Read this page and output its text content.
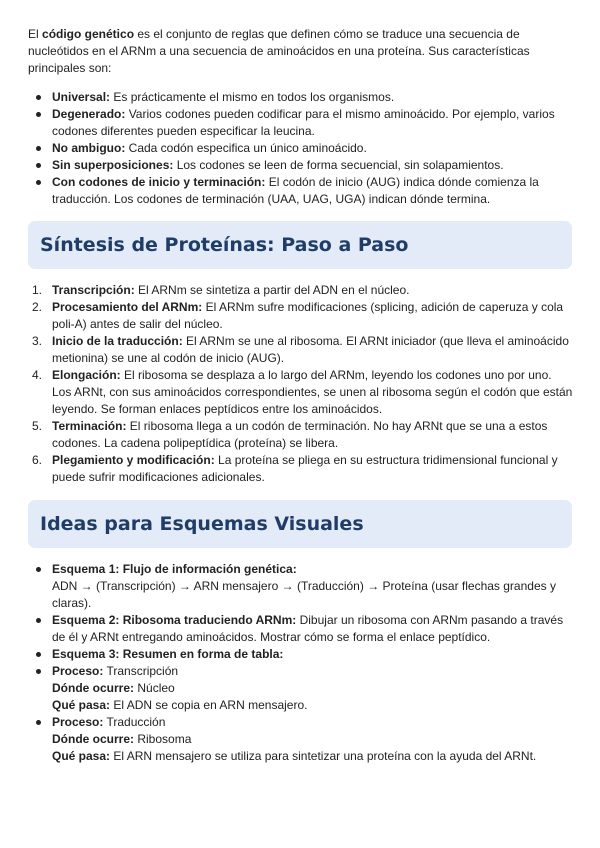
El código genético es el conjunto de reglas que definen cómo se traduce una secuencia de nucleótidos en el ARNm a una secuencia de aminoácidos en una proteína. Sus características principales son:

Universal: Es prácticamente el mismo en todos los organismos.
Degenerado: Varios codones pueden codificar para el mismo aminoácido. Por ejemplo, varios codones diferentes pueden especificar la leucina.
No ambiguo: Cada codón especifica un único aminoácido.
Sin superposiciones: Los codones se leen de forma secuencial, sin solapamientos.
Con codones de inicio y terminación: El codón de inicio (AUG) indica dónde comienza la traducción. Los codones de terminación (UAA, UAG, UGA) indican dónde termina.
Síntesis de Proteínas: Paso a Paso
1. Transcripción: El ARNm se sintetiza a partir del ADN en el núcleo.
2. Procesamiento del ARNm: El ARNm sufre modificaciones (splicing, adición de caperuza y cola poli-A) antes de salir del núcleo.
3. Inicio de la traducción: El ARNm se une al ribosoma. El ARNt iniciador (que lleva el aminoácido metionina) se une al codón de inicio (AUG).
4. Elongación: El ribosoma se desplaza a lo largo del ARNm, leyendo los codones uno por uno. Los ARNt, con sus aminoácidos correspondientes, se unen al ribosoma según el codón que están leyendo. Se forman enlaces peptídicos entre los aminoácidos.
5. Terminación: El ribosoma llega a un codón de terminación. No hay ARNt que se una a estos codones. La cadena polipeptídica (proteína) se libera.
6. Plegamiento y modificación: La proteína se pliega en su estructura tridimensional funcional y puede sufrir modificaciones adicionales.
Ideas para Esquemas Visuales
Esquema 1: Flujo de información genética:
ADN → (Transcripción) → ARN mensajero → (Traducción) → Proteína (usar flechas grandes y claras).
Esquema 2: Ribosoma traduciendo ARNm: Dibujar un ribosoma con ARNm pasando a través de él y ARNt entregando aminoácidos. Mostrar cómo se forma el enlace peptídico.
Esquema 3: Resumen en forma de tabla:
Proceso: Transcripción
Dónde ocurre: Núcleo
Qué pasa: El ADN se copia en ARN mensajero.
Proceso: Traducción
Dónde ocurre: Ribosoma
Qué pasa: El ARN mensajero se utiliza para sintetizar una proteína con la ayuda del ARNt.
